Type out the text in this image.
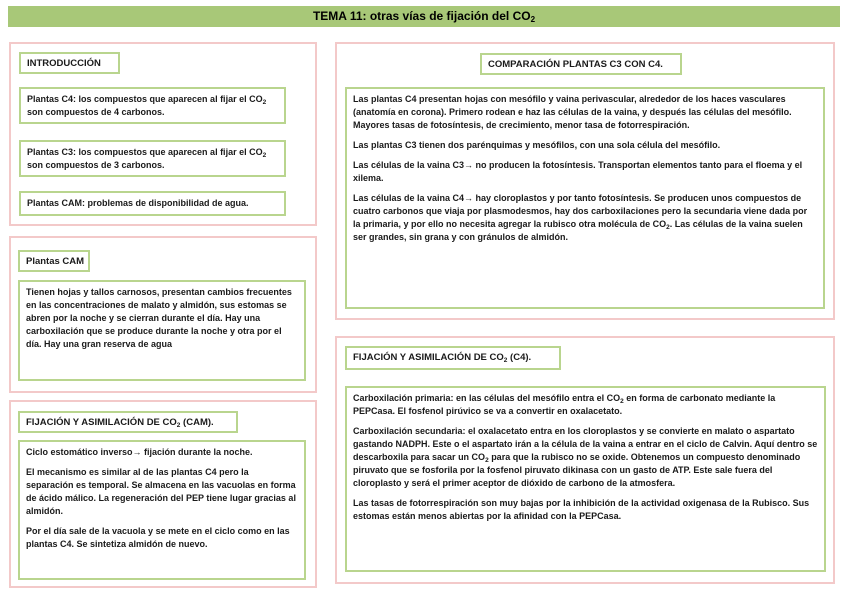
TEMA 11: otras vías de fijación del $CO_2$
INTRODUCCIÓN

Plantas C4: los compuestos que aparecen al fijar el $CO_2$ son compuestos de 4 carbonos.

Plantas C3: los compuestos que aparecen al fijar el $CO_2$ son compuestos de 3 carbonos.

Plantas CAM: problemas de disponibilidad de agua.

Plantas CAM

Tienen hojas y tallos carnosos, presentan cambios frecuentes en las concentraciones de malato y almidón, sus estomas se abren por la noche y se cierran durante el día. Hay una carboxilación que se produce durante la noche y otra por el día. Hay una gran reserva de agua

FIJACIÓN Y ASIMILACIÓN DE $CO_2$ (CAM).

Ciclo estomático inverso→ fijación durante la noche.

El mecanismo es similar al de las plantas C4 pero la separación es temporal. Se almacena en las vacuolas en forma de ácido málico. La regeneración del PEP tiene lugar gracias al almidón.

Por el día sale de la vacuola y se mete en el ciclo como en las plantas C4. Se sintetiza almidón de nuevo.

COMPARACIÓN PLANTAS C3 CON C4.

Las plantas C4 presentan hojas con mesófilo y vaina perivascular, alrededor de los haces vasculares (anatomía en corona). Primero rodean e haz las células de la vaina, y después las células del mesófilo. Mayores tasas de fotosíntesis, de crecimiento, menor tasa de fotorrespiración.

Las plantas C3 tienen dos parénquimas y mesófilos, con una sola célula del mesófilo.

Las células de la vaina C3→ no producen la fotosíntesis. Transportan elementos tanto para el floema y el xilema.

Las células de la vaina C4→ hay cloroplastos y por tanto fotosíntesis. Se producen unos compuestos de cuatro carbonos que viaja por plasmodesmos, hay dos carboxilaciones pero la secundaria viene dada por la primaria, y por ello no necesita agregar la rubisco otra molécula de $CO_2$. Las células de la vaina suelen ser grandes, sin grana y con gránulos de almidón.

FIJACIÓN Y ASIMILACIÓN DE $CO_2$ (C4).

Carboxilación primaria: en las células del mesófilo entra el $CO_2$ en forma de carbonato mediante la PEPCasa. El fosfenol pirúvico se va a convertir en oxalacetato.

Carboxilación secundaria: el oxalacetato entra en los cloroplastos y se convierte en malato o aspartato gastando NADPH. Este o el aspartato irán a la célula de la vaina a entrar en el ciclo de Calvin. Aquí dentro se descarboxila para sacar un $CO_2$ para que la rubisco no se oxide. Obtenemos un compuesto denominado piruvato que se fosforila por la fosfenol piruvato dikinasa con un gasto de ATP. Este sale fuera del cloroplasto y será el primer aceptor de dióxido de carbono de la atmosfera.

Las tasas de fotorrespiración son muy bajas por la inhibición de la actividad oxigenasa de la Rubisco. Sus estomas están menos abiertas por la afinidad con la PEPCasa.
